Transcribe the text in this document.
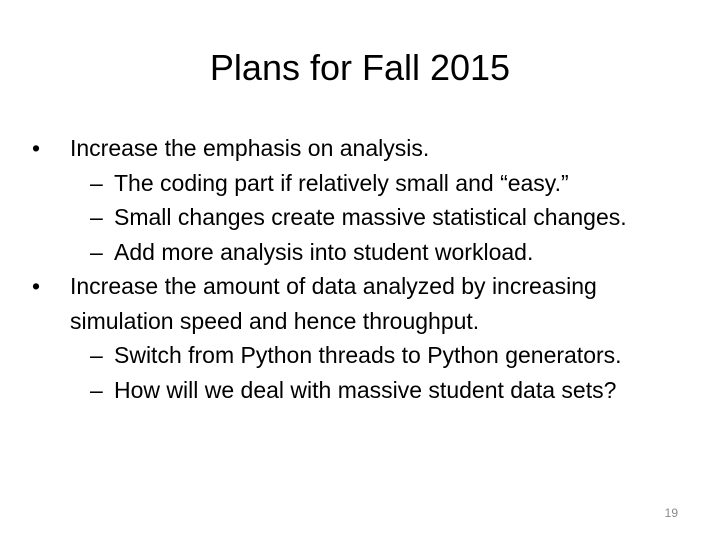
Plans for Fall 2015
•	Increase the emphasis on analysis.
– The coding part if relatively small and “easy.”
– Small changes create massive statistical changes.
– Add more analysis into student workload.
•	Increase the amount of data analyzed by increasing simulation speed and hence throughput.
– Switch from Python threads to Python generators.
– How will we deal with massive student data sets?
19
